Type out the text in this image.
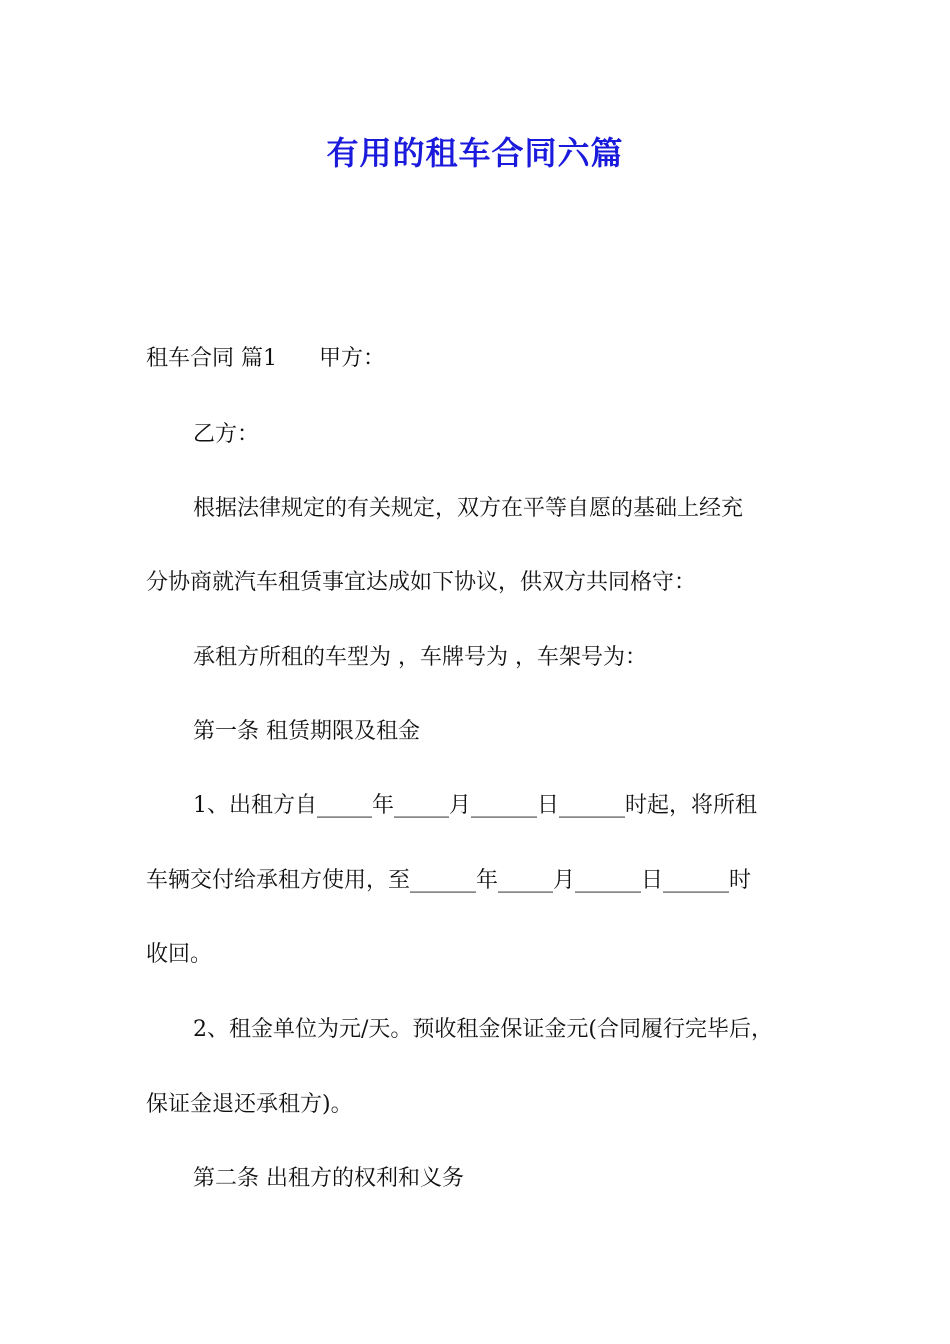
有用的租车合同六篇
租车合同 篇1 甲方：
乙方：
根据法律规定的有关规定，双方在平等自愿的基础上经充
分协商就汽车租赁事宜达成如下协议，供双方共同格守：
承租方所租的车型为 ，车牌号为 ，车架号为：
第一条 租赁期限及租金
1、出租方自_____年_____月______日______时起，将所租
车辆交付给承租方使用，至______年_____月______日______时
收回。
2、租金单位为元/天。预收租金保证金元(合同履行完毕后，
保证金退还承租方)。
第二条 出租方的权利和义务
